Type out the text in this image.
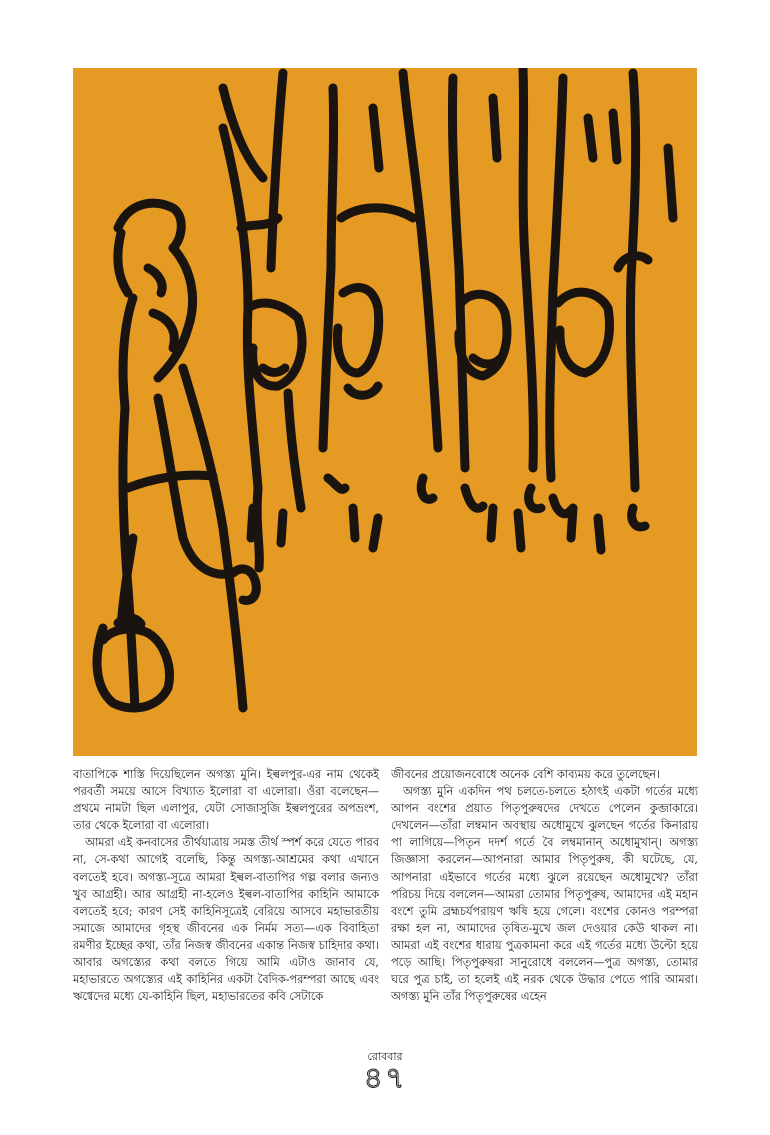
বাতাপিকে শাস্তি দিয়েছিলেন অগস্ত্য মুনি। ইল্বলপুর-এর নাম থেকেই পরবর্তী সময়ে আসে বিখ্যাত ইলোরা বা এলোরা। ওঁরা বলেছেন—প্রথমে নামটা ছিল এলাপুর, যেটা সোজাসুজি ইল্বলপুরের অপভ্রংশ, তার থেকে ইলোরা বা এলোরা।

আমরা এই কনবাসের তীর্থযাত্রায় সমস্ত তীর্থ স্পর্শ করে যেতে পারব না, সে-কথা আগেই বলেছি, কিন্তু অগস্ত্য-আশ্রমের কথা এখানে বলতেই হবে। অগস্ত্য-সূত্রে আমরা ইল্বল-বাতাপির গল্প বলার জন্যও খুব আগ্রহী। আর আগ্রহী না-হলেও ইল্বল-বাতাপির কাহিনি আমাকে বলতেই হবে; কারণ সেই কাহিনিসূত্রেই বেরিয়ে আসবে মহাভারতীয় সমাজে আমাদের গৃহস্থ জীবনের এক নির্মম সত্য—এক বিবাহিতা রমণীর ইচ্ছের কথা, তাঁর নিজস্ব জীবনের একান্ত নিজস্ব চাহিদার কথা। আবার অগস্ত্যের কথা বলতে গিয়ে আমি এটাও জানাব যে, মহাভারতে অগস্ত্যের এই কাহিনির একটা বৈদিক-পরম্পরা আছে এবং ঋগ্বেদের মধ্যে যে-কাহিনি ছিল, মহাভারতের কবি সেটাকে

জীবনের প্রয়োজনবোধে অনেক বেশি কাব্যময় করে তুলেছেন।

অগস্ত্য মুনি একদিন পথ চলতে-চলতে হঠাৎই একটা গর্তের মধ্যে আপন বংশের প্রয়াত পিতৃপুরুষদের দেখতে পেলেন কুব্জাকারে। দেখলেন—তাঁরা লম্বমান অবস্থায় অধোমুখে ঝুলছেন গর্তের কিনারায় পা লাগিয়ে—পিতৃন দদর্শ গর্তে বৈ লম্বমানান্ অধোমুখান্। অগস্ত্য জিজ্ঞাসা করলেন—আপনারা আমার পিতৃপুরুষ, কী ঘটেছে, যে, আপনারা এইভাবে গর্তের মধ্যে ঝুলে রয়েছেন অধোমুখে? তাঁরা পরিচয় দিয়ে বললেন—আমরা তোমার পিতৃপুরুষ, আমাদের এই মহান বংশে তুমি ব্রহ্মচর্যপরায়ণ ঋষি হয়ে গেলে। বংশের কোনও পরম্পরা রক্ষা হল না, আমাদের তৃষিত-মুখে জল দেওয়ার কেউ থাকল না। আমরা এই বংশের ধারায় পুত্রকামনা করে এই গর্তের মধ্যে উল্টো হয়ে পড়ে আছি। পিতৃপুরুষরা সানুরোধে বললেন—পুত্র অগস্ত্য, তোমার ঘরে পুত্র চাই, তা হলেই এই নরক থেকে উদ্ধার পেতে পারি আমরা। অগস্ত্য মুনি তাঁর পিতৃপুরুষের এহেন

রোববার
৪৭
